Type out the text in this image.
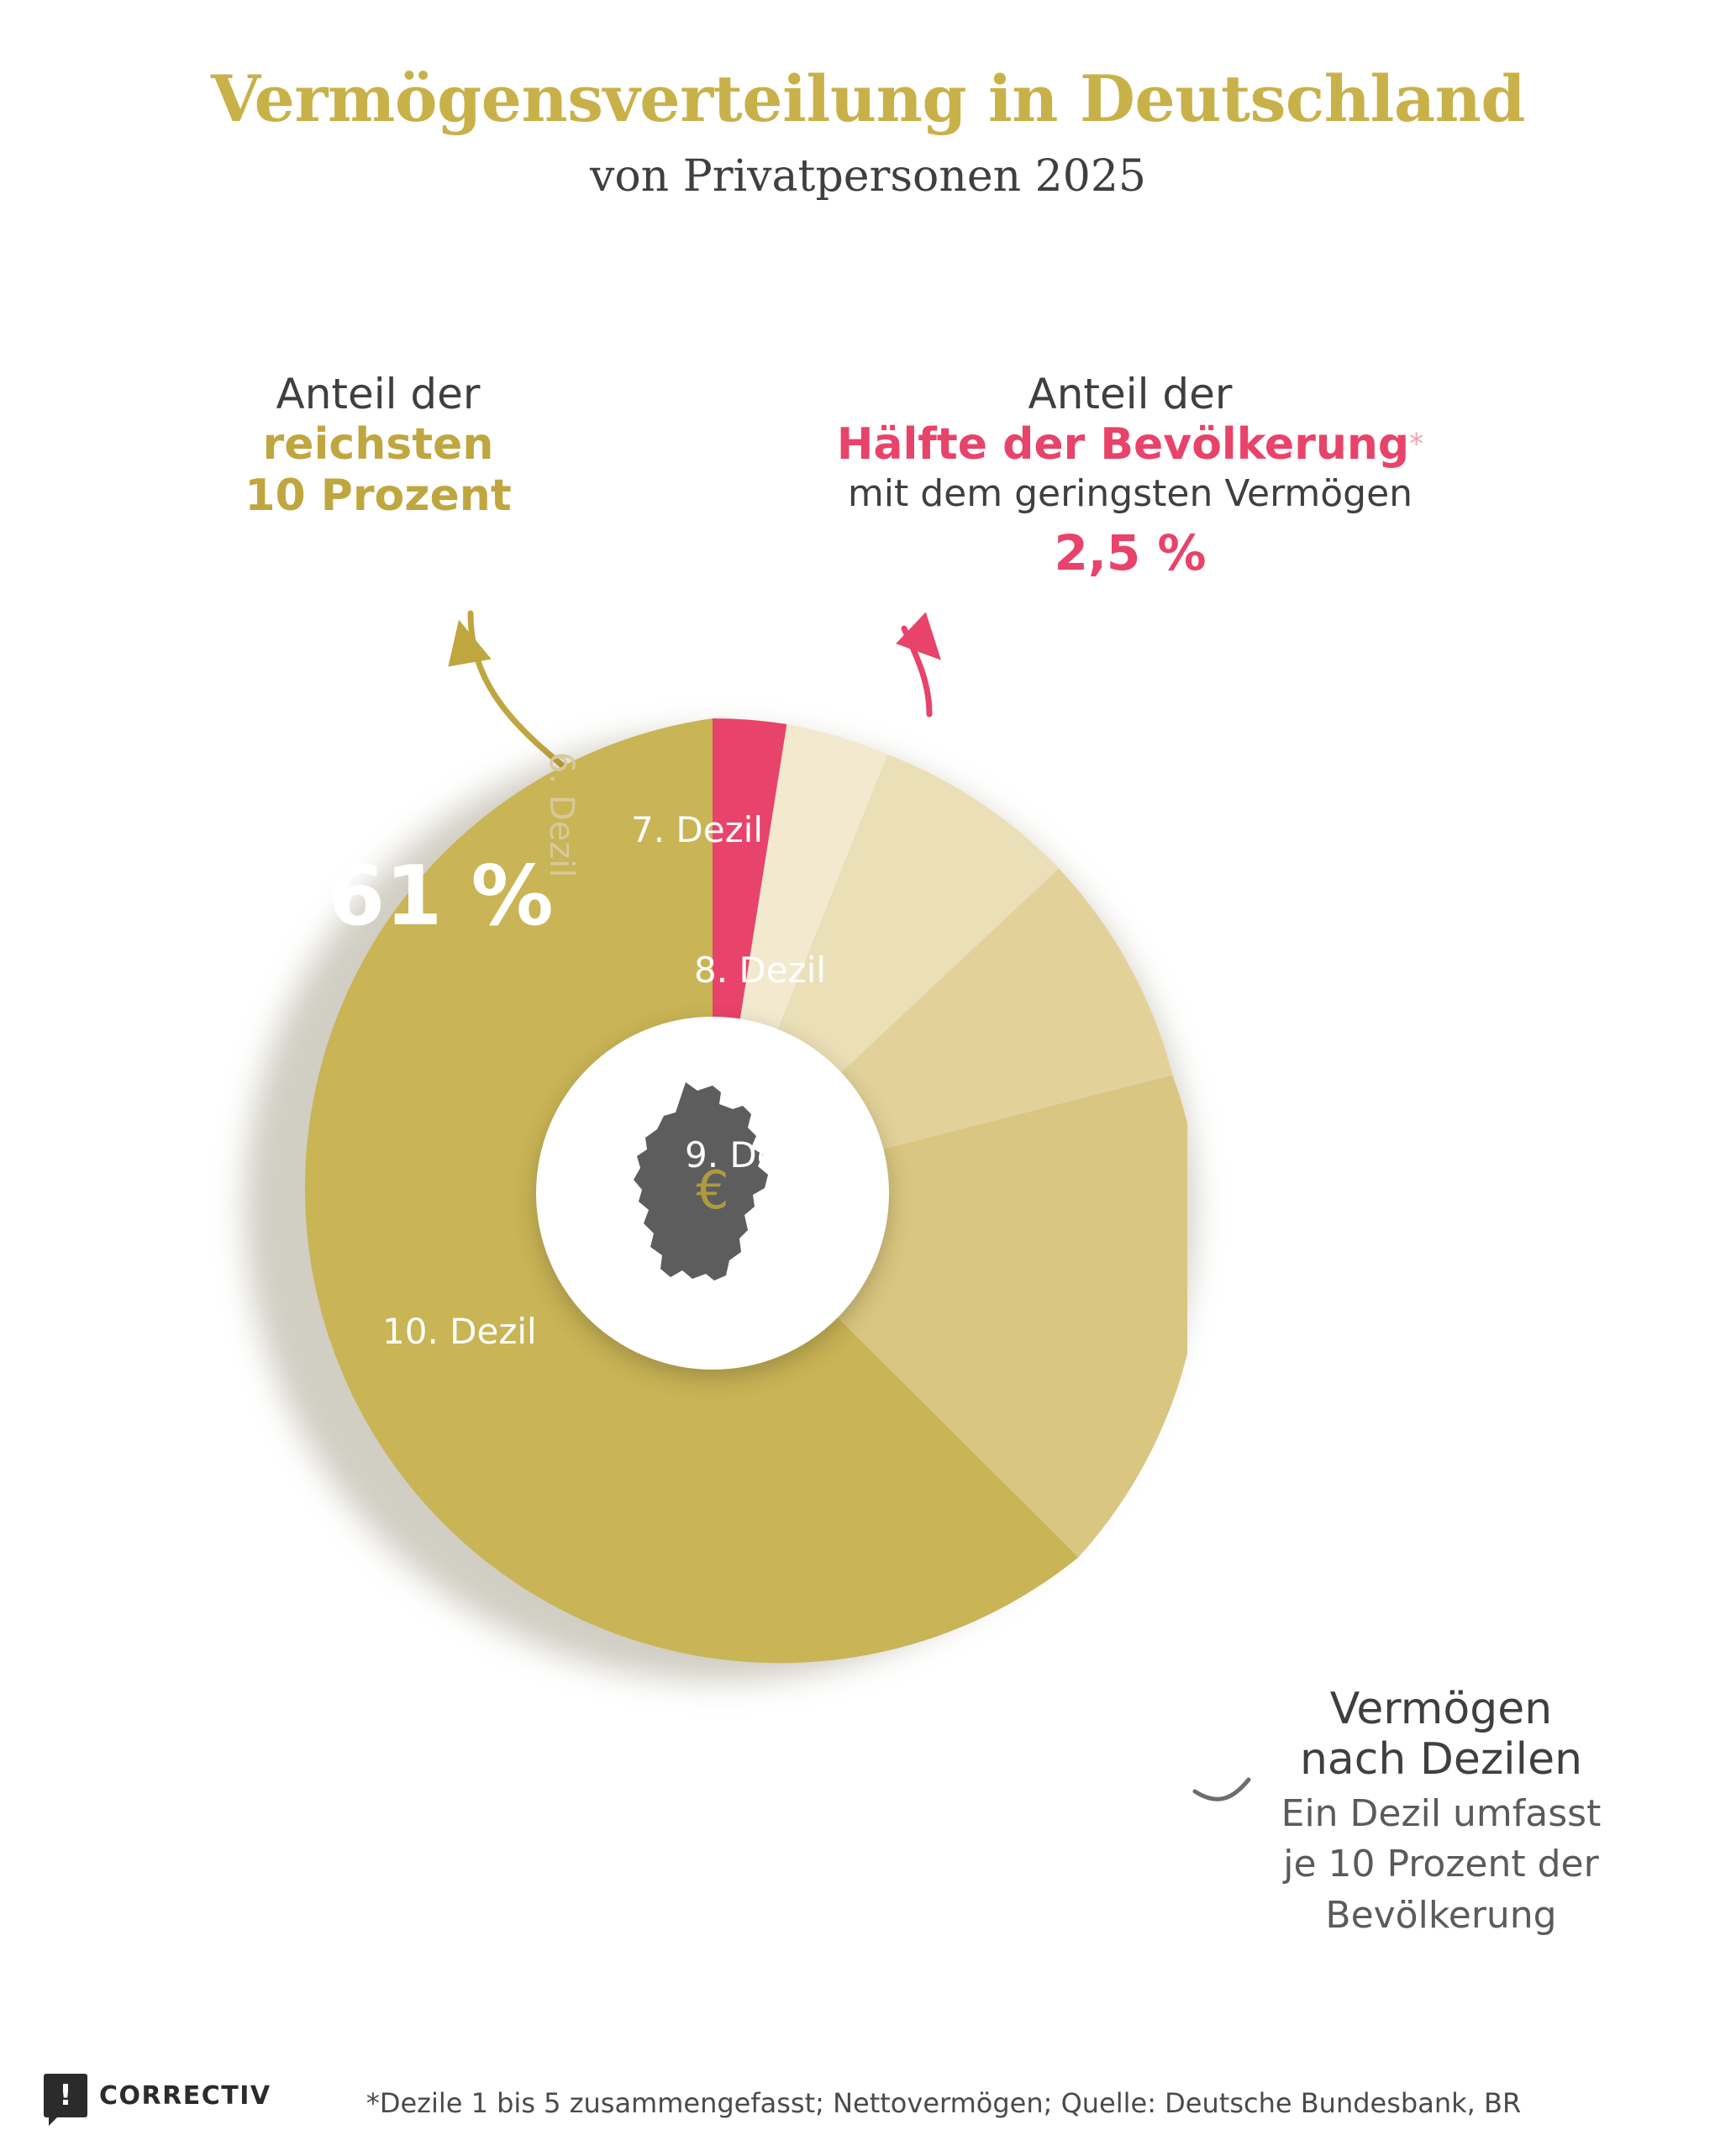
Vermögensverteilung in Deutschland
von Privatpersonen 2025
Anteil der
reichsten
10 Prozent
Anteil der
Hälfte der Bevölkerung*
mit dem geringsten Vermögen
2,5 %
€
6. Dezil 7. Dezil
8. Dezil
9. Dezil
10. Dezil
61 %
Vermögen
nach Dezilen
Ein Dezil umfasst
je 10 Prozent der
Bevölkerung
*Dezile 1 bis 5 zusammengefasst; Nettovermögen; Quelle: Deutsche Bundesbank, BR
!
CORRECTIV
